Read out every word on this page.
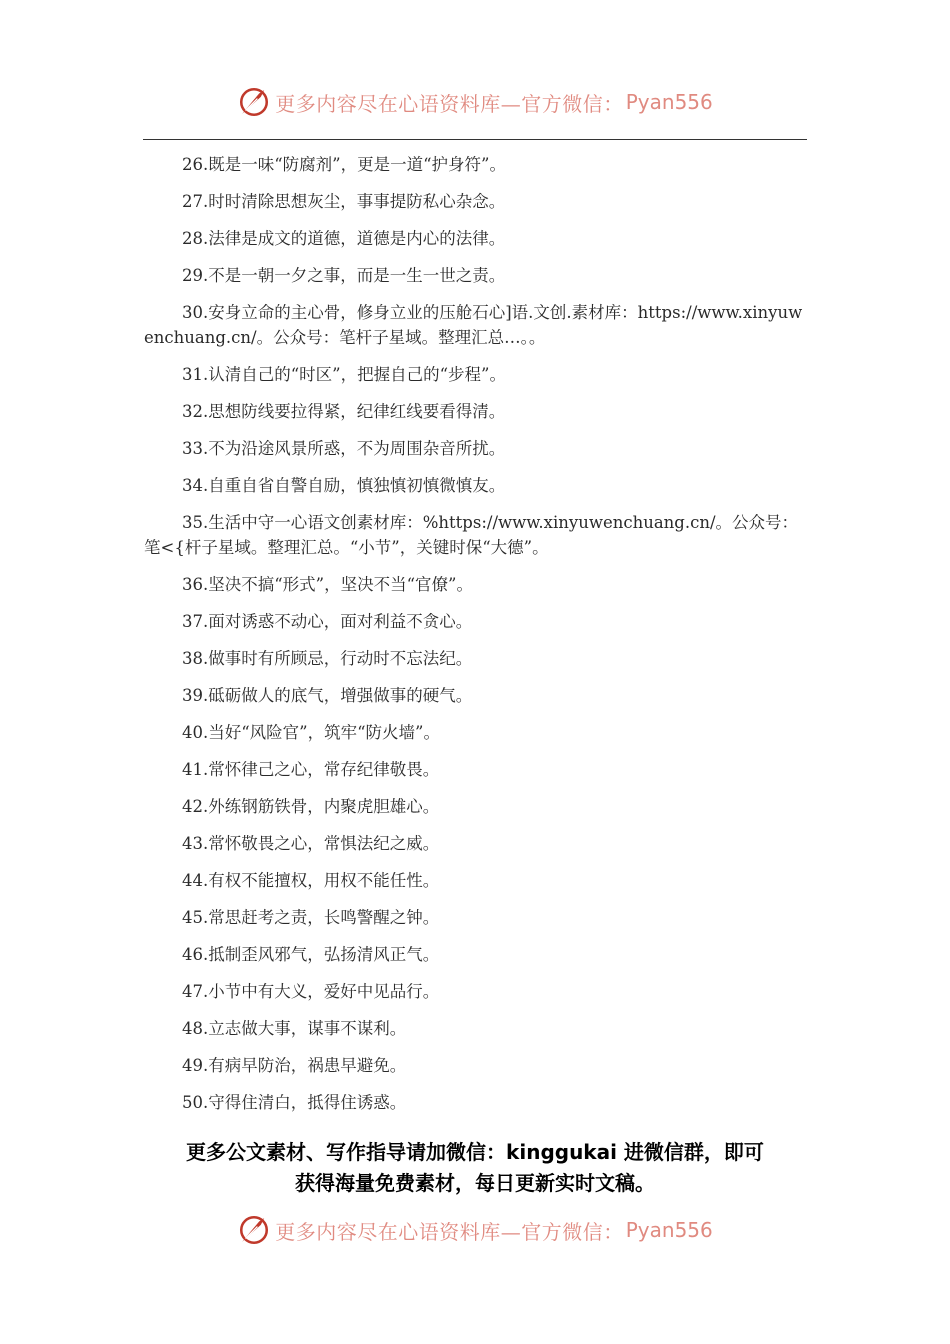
更多内容尽在心语资料库—官方微信： Pyan556
26.既是一味“防腐剂”，更是一道“护身符”。
27.时时清除思想灰尘，事事提防私心杂念。
28.法律是成文的道德，道德是内心的法律。
29.不是一朝一夕之事，而是一生一世之责。
30.安身立命的主心骨，修身立业的压舱石心]语.文创.素材库：https://www.xinyuwenchuang.cn/。公众号：笔杆子星域。整理汇总…。。
31.认清自己的“时区”，把握自己的“步程”。
32.思想防线要拉得紧，纪律红线要看得清。
33.不为沿途风景所惑，不为周围杂音所扰。
34.自重自省自警自励，慎独慎初慎微慎友。
35.生活中守一心语文创素材库：%https://www.xinyuwenchuang.cn/。公众号：笔<{杆子星域。整理汇总。“小节”，关键时保“大德”。
36.坚决不搞“形式”，坚决不当“官僚”。
37.面对诱惑不动心，面对利益不贪心。
38.做事时有所顾忌，行动时不忘法纪。
39.砥砺做人的底气，增强做事的硬气。
40.当好“风险官”，筑牢“防火墙”。
41.常怀律己之心，常存纪律敬畏。
42.外练钢筋铁骨，内聚虎胆雄心。
43.常怀敬畏之心，常惧法纪之威。
44.有权不能擅权，用权不能任性。
45.常思赶考之责，长鸣警醒之钟。
46.抵制歪风邪气，弘扬清风正气。
47.小节中有大义，爱好中见品行。
48.立志做大事，谋事不谋利。
49.有病早防治，祸患早避免。
50.守得住清白，抵得住诱惑。
更多公文素材、写作指导请加微信：kinggukai 进微信群，即可
获得海量免费素材，每日更新实时文稿。
更多内容尽在心语资料库—官方微信： Pyan556
